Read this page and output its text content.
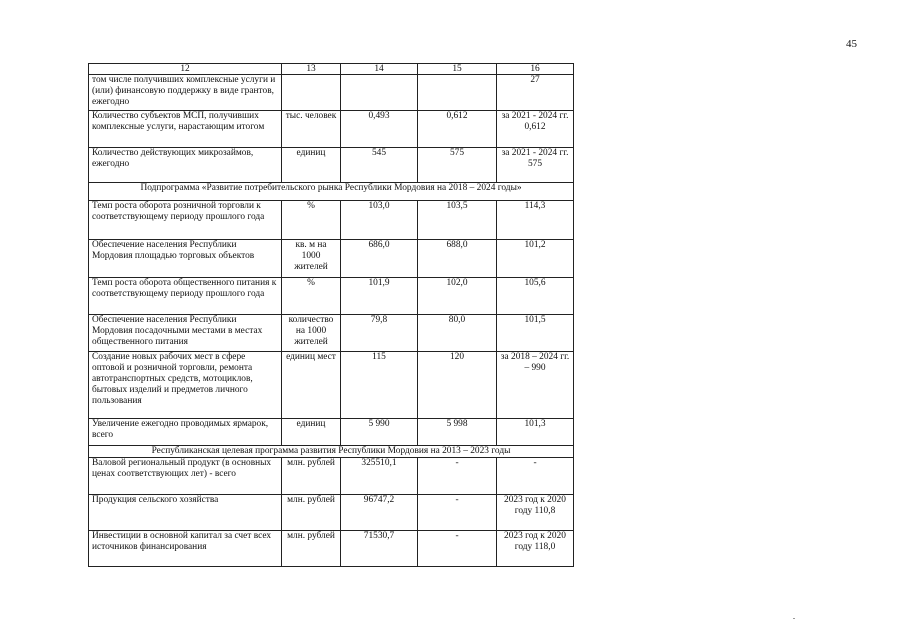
45
12	13	14	15	16
том числе получивших комплексные услуги и (или) финансовую поддержку в виде грантов, ежегодно				27
Количество субъектов МСП, получивших комплексные услуги, нарастающим итогом	тыс. человек	0,493	0,612	за 2021 - 2024 гг. 0,612
Количество действующих микрозаймов, ежегодно	единиц	545	575	за 2021 - 2024 гг. 575
Подпрограмма «Развитие потребительского рынка Республики Мордовия на 2018 – 2024 годы»				
Темп роста оборота розничной торговли к соответствующему периоду прошлого года	%	103,0	103,5	114,3
Обеспечение населения Республики Мордовия площадью торговых объектов	кв. м на 1000 жителей	686,0	688,0	101,2
Темп роста оборота общественного питания к соответствующему периоду прошлого года	%	101,9	102,0	105,6
Обеспечение населения Республики Мордовия посадочными местами в местах общественного питания	количество на 1000 жителей	79,8	80,0	101,5
Создание новых рабочих мест в сфере оптовой и розничной торговли, ремонта автотранспортных средств, мотоциклов, бытовых изделий и предметов личного пользования	единиц мест	115	120	за 2018 – 2024 гг. – 990
Увеличение ежегодно проводимых ярмарок, всего	единиц	5 990	5 998	101,3
Республиканская целевая программа развития Республики Мордовия на 2013 – 2023 годы				
Валовой региональный продукт (в основных ценах соответствующих лет) - всего	млн. рублей	325510,1	-	-
Продукция сельского хозяйства	млн. рублей	96747,2	-	2023 год к 2020 году 110,8
Инвестиции в основной капитал за счет всех источников финансирования	млн. рублей	71530,7	-	2023 год к 2020 году 118,0
